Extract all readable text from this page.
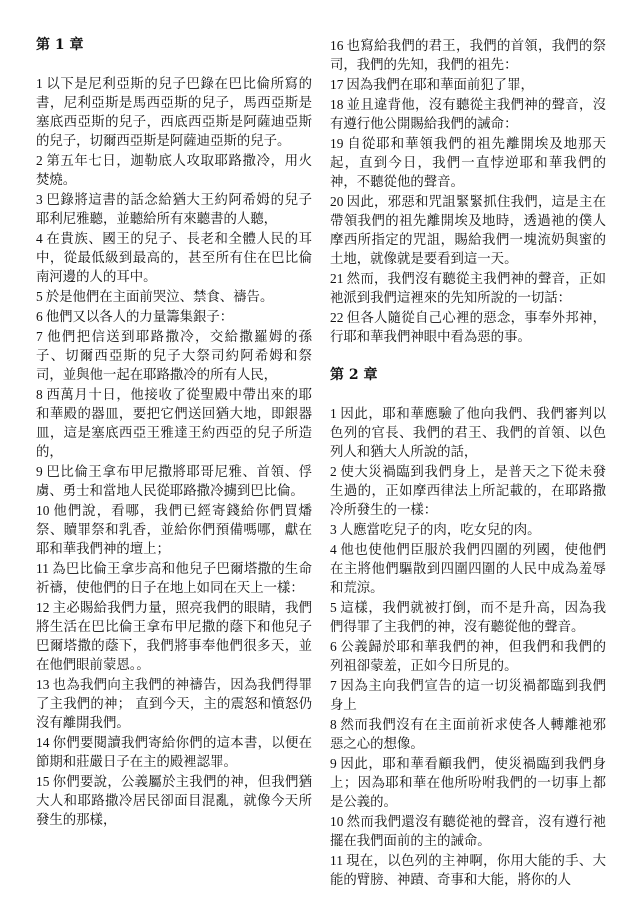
第 1 章

1 以下是尼利亞斯的兒子巴錄在巴比倫所寫的書，尼利亞斯是馬西亞斯的兒子，馬西亞斯是塞底西亞斯的兒子，西底西亞斯是阿薩迪亞斯的兒子，切爾西亞斯是阿薩迪亞斯的兒子。

2 第五年七日，迦勒底人攻取耶路撒冷，用火焚燒。

3 巴錄將這書的話念給猶大王約阿希姆的兒子耶利尼雅聽，並聽給所有來聽書的人聽，

4 在貴族、國王的兒子、長老和全體人民的耳中，從最低級到最高的，甚至所有住在巴比倫南河邊的人的耳中。

5 於是他們在主面前哭泣、禁食、禱告。

6 他們又以各人的力量籌集銀子：

7 他們把信送到耶路撒冷，交給撒羅姆的孫子、切爾西亞斯的兒子大祭司約阿希姆和祭司，並與他一起在耶路撒冷的所有人民，

8 西萬月十日，他接收了從聖殿中帶出來的耶和華殿的器皿，要把它們送回猶大地，即銀器皿，這是塞底西亞王雅達王約西亞的兒子所造的，

9 巴比倫王拿布甲尼撒將耶哥尼雅、首領、俘虜、勇士和當地人民從耶路撒冷擄到巴比倫。

10 他們說，看哪，我們已經寄錢給你們買燔祭、贖罪祭和乳香，並給你們預備嗎哪，獻在耶和華我們神的壇上；

11 為巴比倫王拿步高和他兒子巴爾塔撒的生命祈禱，使他們的日子在地上如同在天上一樣：

12 主必賜給我們力量，照亮我們的眼睛，我們將生活在巴比倫王拿布甲尼撒的蔭下和他兒子巴爾塔撒的蔭下，我們將事奉他們很多天，並在他們眼前蒙恩。。

13 也為我們向主我們的神禱告，因為我們得罪了主我們的神； 直到今天，主的震怒和憤怒仍沒有離開我們。

14 你們要閱讀我們寄給你們的這本書，以便在節期和莊嚴日子在主的殿裡認罪。

15 你們要說，公義屬於主我們的神，但我們猶大人和耶路撒冷居民卻面目混亂，就像今天所發生的那樣，

16 也寫給我們的君王，我們的首領，我們的祭司，我們的先知，我們的祖先：

17 因為我們在耶和華面前犯了罪，

18 並且違背他，沒有聽從主我們神的聲音，沒有遵行他公開賜給我們的誡命：

19 自從耶和華領我們的祖先離開埃及地那天起，直到今日，我們一直悖逆耶和華我們的神，不聽從他的聲音。

20 因此，邪惡和咒詛緊緊抓住我們，這是主在帶領我們的祖先離開埃及地時，透過祂的僕人摩西所指定的咒詛，賜給我們一塊流奶與蜜的土地，就像就是要看到這一天。

21 然而，我們沒有聽從主我們神的聲音，正如祂派到我們這裡來的先知所說的一切話：

22 但各人隨從自己心裡的惡念，事奉外邦神，行耶和華我們神眼中看為惡的事。

第 2 章

1 因此，耶和華應驗了他向我們、我們審判以色列的官長、我們的君王、我們的首領、以色列人和猶大人所說的話，

2 使大災禍臨到我們身上，是普天之下從未發生過的，正如摩西律法上所記載的，在耶路撒冷所發生的一樣：

3 人應當吃兒子的肉，吃女兒的肉。

4 他也使他們臣服於我們四圍的列國，使他們在主將他們驅散到四圍四圍的人民中成為羞辱和荒涼。

5 這樣，我們就被打倒，而不是升高，因為我們得罪了主我們的神，沒有聽從他的聲音。

6 公義歸於耶和華我們的神，但我們和我們的列祖卻蒙羞，正如今日所見的。

7 因為主向我們宣告的這一切災禍都臨到我們身上

8 然而我們沒有在主面前祈求使各人轉離祂邪惡之心的想像。

9 因此，耶和華看顧我們，使災禍臨到我們身上；因為耶和華在他所吩咐我們的一切事上都是公義的。

10 然而我們還沒有聽從祂的聲音，沒有遵行祂擺在我們面前的主的誡命。

11 現在，以色列的主神啊，你用大能的手、大能的臂膀、神蹟、奇事和大能，將你的人
